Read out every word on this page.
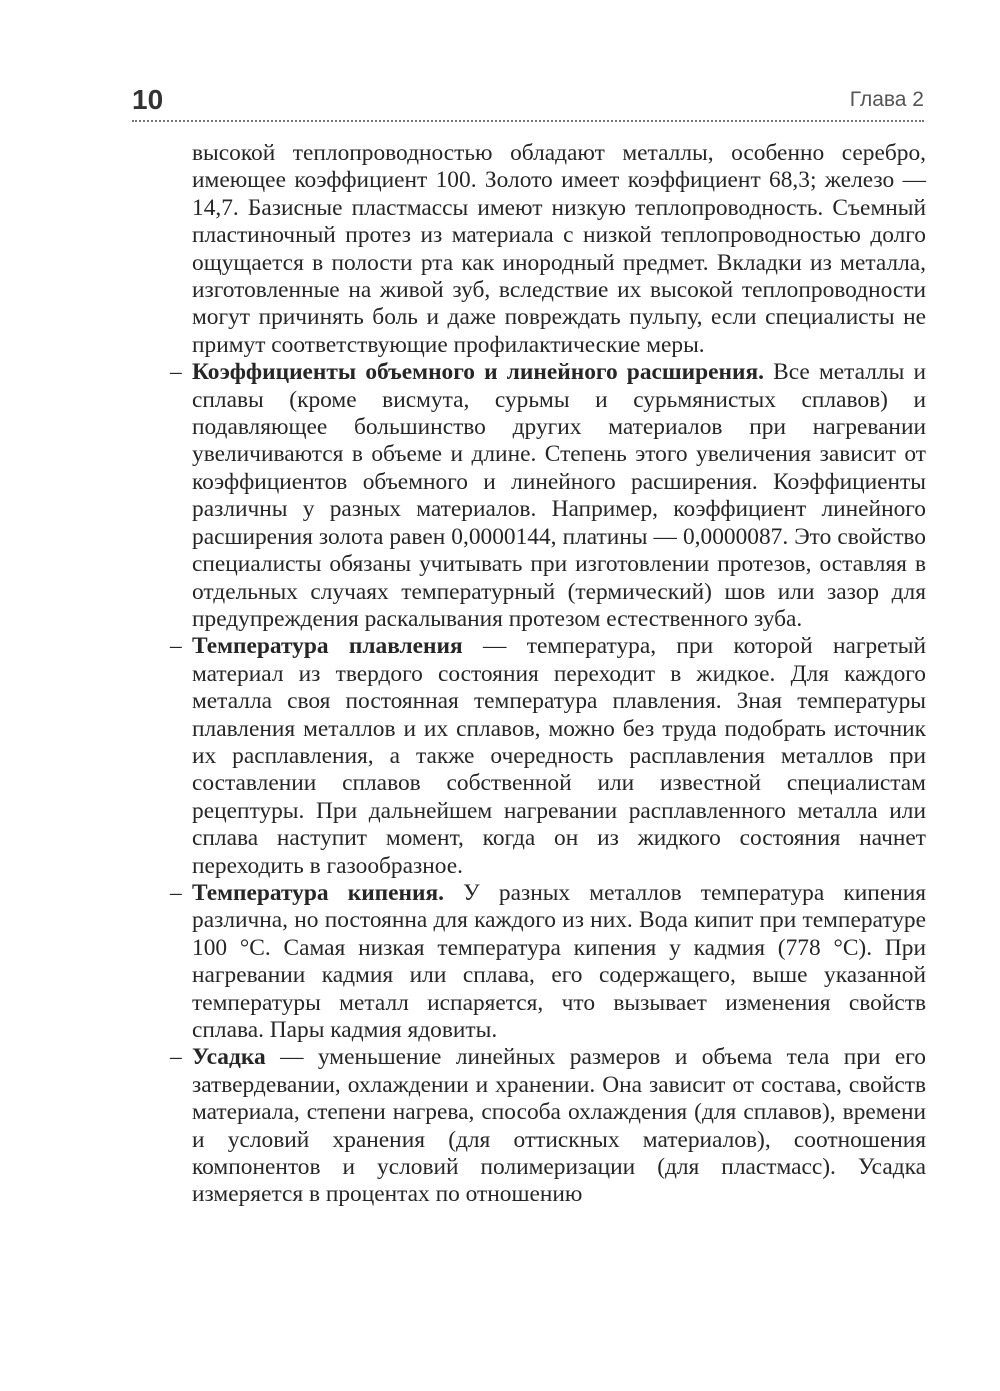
10	Глава 2

высокой теплопроводностью обладают металлы, особенно серебро, имеющее коэффициент 100. Золото имеет коэффициент 68,3; железо — 14,7. Базисные пластмассы имеют низкую теплопроводность. Съемный пластиночный протез из материала с низкой теплопроводностью долго ощущается в полости рта как инородный предмет. Вкладки из металла, изготовленные на живой зуб, вследствие их высокой теплопроводности могут причинять боль и даже повреждать пульпу, если специалисты не примут соответствующие профилактические меры.

– Коэффициенты объемного и линейного расширения. Все металлы и сплавы (кроме висмута, сурьмы и сурьмянистых сплавов) и подавляющее большинство других материалов при нагревании увеличиваются в объеме и длине. Степень этого увеличения зависит от коэффициентов объемного и линейного расширения. Коэффициенты различны у разных материалов. Например, коэффициент линейного расширения золота равен 0,0000144, платины — 0,0000087. Это свойство специалисты обязаны учитывать при изготовлении протезов, оставляя в отдельных случаях температурный (термический) шов или зазор для предупреждения раскалывания протезом естественного зуба.

– Температура плавления — температура, при которой нагретый материал из твердого состояния переходит в жидкое. Для каждого металла своя постоянная температура плавления. Зная температуры плавления металлов и их сплавов, можно без труда подобрать источник их расплавления, а также очередность расплавления металлов при составлении сплавов собственной или известной специалистам рецептуры. При дальнейшем нагревании расплавленного металла или сплава наступит момент, когда он из жидкого состояния начнет переходить в газообразное.

– Температура кипения. У разных металлов температура кипения различна, но постоянна для каждого из них. Вода кипит при температуре 100 °С. Самая низкая температура кипения у кадмия (778 °С). При нагревании кадмия или сплава, его содержащего, выше указанной температуры металл испаряется, что вызывает изменения свойств сплава. Пары кадмия ядовиты.

– Усадка — уменьшение линейных размеров и объема тела при его затвердевании, охлаждении и хранении. Она зависит от состава, свойств материала, степени нагрева, способа охлаждения (для сплавов), времени и условий хранения (для оттискных материалов), соотношения компонентов и условий полимеризации (для пластмасс). Усадка измеряется в процентах по отношению
